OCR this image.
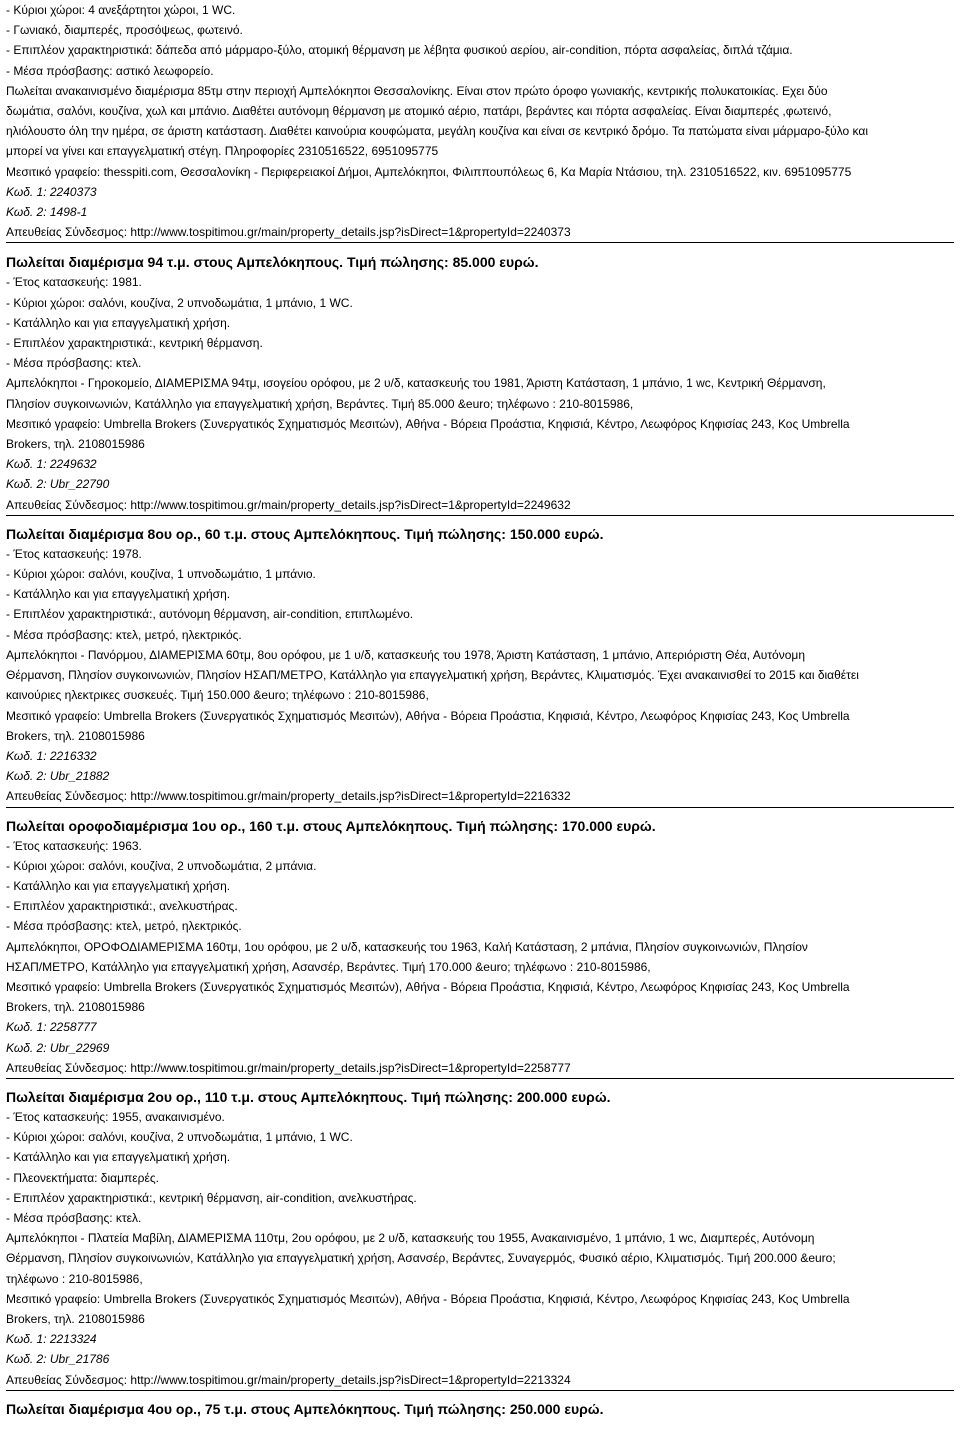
- Κύριοι χώροι: 4 ανεξάρτητοι χώροι, 1 WC.
- Γωνιακό, διαμπερές, προσόψεως, φωτεινό.
- Επιπλέον χαρακτηριστικά: δάπεδα από μάρμαρο-ξύλο, ατομική θέρμανση με λέβητα φυσικού αερίου, air-condition, πόρτα ασφαλείας, διπλά τζάμια.
- Μέσα πρόσβασης: αστικό λεωφορείο.
Πωλείται ανακαινισμένο διαμέρισμα 85τμ στην περιοχή Αμπελόκηποι Θεσσαλονίκης. Είναι στον πρώτο όροφο γωνιακής, κεντρικής πολυκατοικίας. Εχει δύο
δωμάτια, σαλόνι, κουζίνα, χωλ και μπάνιο. Διαθέτει αυτόνομη θέρμανση με ατομικό αέριο, πατάρι, βεράντες και πόρτα ασφαλείας. Είναι διαμπερές ,φωτεινό,
ηλιόλουστο όλη την ημέρα, σε άριστη κατάσταση. Διαθέτει καινούρια κουφώματα, μεγάλη κουζίνα και είναι σε κεντρικό δρόμο. Τα πατώματα είναι μάρμαρο-ξύλο και
μπορεί να γίνει και επαγγελματική στέγη. Πληροφορίες 2310516522, 6951095775
Μεσιτικό γραφείο: thesspiti.com, Θεσσαλονίκη - Περιφερειακοί Δήμοι, Αμπελόκηποι, Φιλιππουπόλεως 6, Κα Μαρία Ντάσιου, τηλ. 2310516522, κιν. 6951095775
Κωδ. 1: 2240373
Κωδ. 2: 1498-1
Απευθείας Σύνδεσμος: http://www.tospitimou.gr/main/property_details.jsp?isDirect=1&propertyId=2240373
Πωλείται διαμέρισμα 94 τ.μ. στους Αμπελόκηπους. Τιμή πώλησης: 85.000 ευρώ.
- Έτος κατασκευής: 1981.
- Κύριοι χώροι: σαλόνι, κουζίνα, 2 υπνοδωμάτια, 1 μπάνιο, 1 WC.
- Κατάλληλο και για επαγγελματική χρήση.
- Επιπλέον χαρακτηριστικά:, κεντρική θέρμανση.
- Μέσα πρόσβασης: κτελ.
Αμπελόκηποι - Γηροκομείο, ΔΙΑΜΕΡΙΣΜΑ 94τμ, ισογείου ορόφου, με 2 υ/δ, κατασκευής του 1981, Άριστη Κατάσταση, 1 μπάνιο, 1 wc, Κεντρική Θέρμανση,
Πλησίον συγκοινωνιών, Κατάλληλο για επαγγελματική χρήση, Βεράντες. Τιμή 85.000 &euro; τηλέφωνο : 210-8015986,
Μεσιτικό γραφείο: Umbrella Brokers (Συνεργατικός Σχηματισμός Μεσιτών), Αθήνα - Βόρεια Προάστια, Κηφισιά, Κέντρο, Λεωφόρος Κηφισίας 243, Κος Umbrella
Brokers, τηλ. 2108015986
Κωδ. 1: 2249632
Κωδ. 2: Ubr_22790
Απευθείας Σύνδεσμος: http://www.tospitimou.gr/main/property_details.jsp?isDirect=1&propertyId=2249632
Πωλείται διαμέρισμα 8ου ορ., 60 τ.μ. στους Αμπελόκηπους. Τιμή πώλησης: 150.000 ευρώ.
- Έτος κατασκευής: 1978.
- Κύριοι χώροι: σαλόνι, κουζίνα, 1 υπνοδωμάτιο, 1 μπάνιο.
- Κατάλληλο και για επαγγελματική χρήση.
- Επιπλέον χαρακτηριστικά:, αυτόνομη θέρμανση, air-condition, επιπλωμένο.
- Μέσα πρόσβασης: κτελ, μετρό, ηλεκτρικός.
Αμπελόκηποι - Πανόρμου, ΔΙΑΜΕΡΙΣΜΑ 60τμ, 8ου ορόφου, με 1 υ/δ, κατασκευής του 1978, Άριστη Κατάσταση, 1 μπάνιο, Απεριόριστη Θέα, Αυτόνομη
Θέρμανση, Πλησίον συγκοινωνιών, Πλησίον ΗΣΑΠ/ΜΕΤΡΟ, Κατάλληλο για επαγγελματική χρήση, Βεράντες, Κλιματισμός. Έχει ανακαινισθεί το 2015 και διαθέτει
καινούριες ηλεκτρικες συσκευές. Τιμή 150.000 &euro; τηλέφωνο : 210-8015986,
Μεσιτικό γραφείο: Umbrella Brokers (Συνεργατικός Σχηματισμός Μεσιτών), Αθήνα - Βόρεια Προάστια, Κηφισιά, Κέντρο, Λεωφόρος Κηφισίας 243, Κος Umbrella
Brokers, τηλ. 2108015986
Κωδ. 1: 2216332
Κωδ. 2: Ubr_21882
Απευθείας Σύνδεσμος: http://www.tospitimou.gr/main/property_details.jsp?isDirect=1&propertyId=2216332
Πωλείται οροφοδιαμέρισμα 1ου ορ., 160 τ.μ. στους Αμπελόκηπους. Τιμή πώλησης: 170.000 ευρώ.
- Έτος κατασκευής: 1963.
- Κύριοι χώροι: σαλόνι, κουζίνα, 2 υπνοδωμάτια, 2 μπάνια.
- Κατάλληλο και για επαγγελματική χρήση.
- Επιπλέον χαρακτηριστικά:, ανελκυστήρας.
- Μέσα πρόσβασης: κτελ, μετρό, ηλεκτρικός.
Αμπελόκηποι, ΟΡΟΦΟΔΙΑΜΕΡΙΣΜΑ 160τμ, 1ου ορόφου, με 2 υ/δ, κατασκευής του 1963, Καλή Κατάσταση, 2 μπάνια, Πλησίον συγκοινωνιών, Πλησίον
ΗΣΑΠ/ΜΕΤΡΟ, Κατάλληλο για επαγγελματική χρήση, Ασανσέρ, Βεράντες. Τιμή 170.000 &euro; τηλέφωνο : 210-8015986,
Μεσιτικό γραφείο: Umbrella Brokers (Συνεργατικός Σχηματισμός Μεσιτών), Αθήνα - Βόρεια Προάστια, Κηφισιά, Κέντρο, Λεωφόρος Κηφισίας 243, Κος Umbrella
Brokers, τηλ. 2108015986
Κωδ. 1: 2258777
Κωδ. 2: Ubr_22969
Απευθείας Σύνδεσμος: http://www.tospitimou.gr/main/property_details.jsp?isDirect=1&propertyId=2258777
Πωλείται διαμέρισμα 2ου ορ., 110 τ.μ. στους Αμπελόκηπους. Τιμή πώλησης: 200.000 ευρώ.
- Έτος κατασκευής: 1955, ανακαινισμένο.
- Κύριοι χώροι: σαλόνι, κουζίνα, 2 υπνοδωμάτια, 1 μπάνιο, 1 WC.
- Κατάλληλο και για επαγγελματική χρήση.
- Πλεονεκτήματα: διαμπερές.
- Επιπλέον χαρακτηριστικά:, κεντρική θέρμανση, air-condition, ανελκυστήρας.
- Μέσα πρόσβασης: κτελ.
Αμπελόκηποι - Πλατεία Μαβίλη, ΔΙΑΜΕΡΙΣΜΑ 110τμ, 2ου ορόφου, με 2 υ/δ, κατασκευής του 1955, Ανακαινισμένο, 1 μπάνιο, 1 wc, Διαμπερές, Αυτόνομη
Θέρμανση, Πλησίον συγκοινωνιών, Κατάλληλο για επαγγελματική χρήση, Ασανσέρ, Βεράντες, Συναγερμός, Φυσικό αέριο, Κλιματισμός. Τιμή 200.000 &euro;
τηλέφωνο : 210-8015986,
Μεσιτικό γραφείο: Umbrella Brokers (Συνεργατικός Σχηματισμός Μεσιτών), Αθήνα - Βόρεια Προάστια, Κηφισιά, Κέντρο, Λεωφόρος Κηφισίας 243, Κος Umbrella
Brokers, τηλ. 2108015986
Κωδ. 1: 2213324
Κωδ. 2: Ubr_21786
Απευθείας Σύνδεσμος: http://www.tospitimou.gr/main/property_details.jsp?isDirect=1&propertyId=2213324
Πωλείται διαμέρισμα 4ου ορ., 75 τ.μ. στους Αμπελόκηπους. Τιμή πώλησης: 250.000 ευρώ.
